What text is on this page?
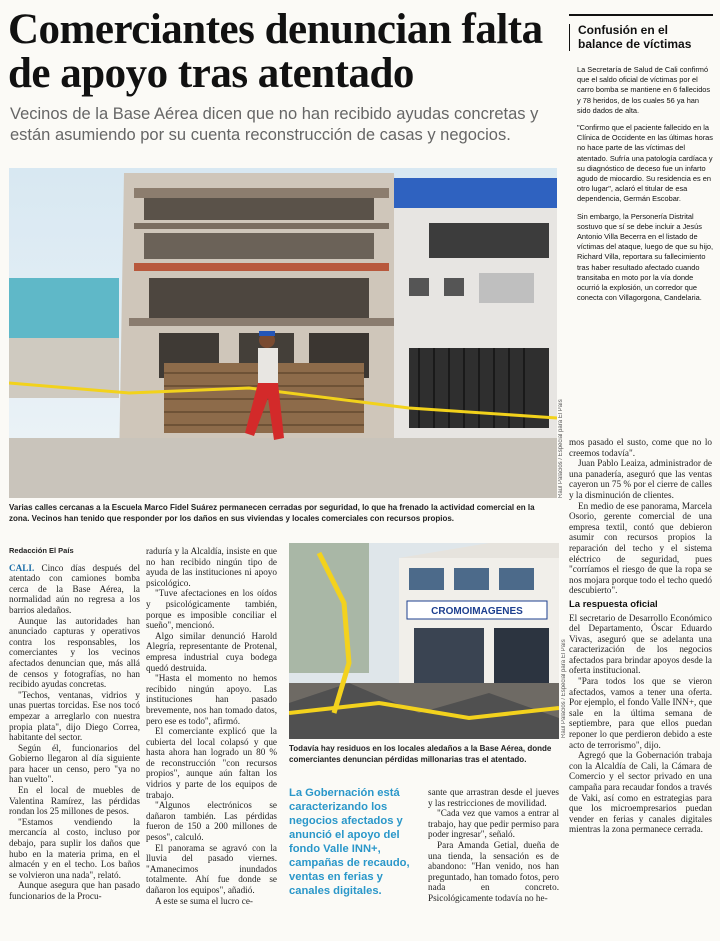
Comerciantes denuncian falta de apoyo tras atentado
Vecinos de la Base Aérea dicen que no han recibido ayudas concretas y están asumiendo por su cuenta reconstrucción de casas y negocios.
Raúl Palacios / Especial para El País
Varias calles cercanas a la Escuela Marco Fidel Suárez permanecen cerradas por seguridad, lo que ha frenado la actividad comercial en la zona. Vecinos han tenido que responder por los daños en sus viviendas y locales comerciales con recursos propios.
Confusión en el balance de víctimas

La Secretaría de Salud de Cali confirmó que el saldo oficial de víctimas por el carro bomba se mantiene en 6 fallecidos y 78 heridos, de los cuales 56 ya han sido dados de alta.

"Confirmo que el paciente fallecido en la Clínica de Occidente en las últimas horas no hace parte de las víctimas del atentado. Sufría una patología cardíaca y su diagnóstico de deceso fue un infarto agudo de miocardio. Su residencia es en otro lugar", aclaró el titular de esa dependencia, Germán Escobar.

Sin embargo, la Personería Distrital sostuvo que sí se debe incluir a Jesús Antonio Villa Becerra en el listado de víctimas del ataque, luego de que su hijo, Richard Villa, reportara su fallecimiento tras haber resultado afectado cuando transitaba en moto por la vía donde ocurrió la explosión, un corredor que conecta con Villagorgona, Candelaria.

Redacción El País

CALI. Cinco días después del atentado con camiones bomba cerca de la Base Aérea, la normalidad aún no regresa a los barrios aledaños.

Aunque las autoridades han anunciado capturas y operativos contra los responsables, los comerciantes y los vecinos afectados denuncian que, más allá de censos y fotografías, no han recibido ayudas concretas.

"Techos, ventanas, vidrios y unas puertas torcidas. Ese nos tocó empezar a arreglarlo con nuestra propia plata", dijo Diego Correa, habitante del sector.

Según él, funcionarios del Gobierno llegaron al día siguiente para hacer un censo, pero "ya no han vuelto".

En el local de muebles de Valentina Ramírez, las pérdidas rondan los 25 millones de pesos.

"Estamos vendiendo la mercancía al costo, incluso por debajo, para suplir los daños que hubo en la materia prima, en el almacén y en el techo. Los baños se volvieron una nada", relató.

Aunque asegura que han pasado funcionarios de la Procu-

raduría y la Alcaldía, insiste en que no han recibido ningún tipo de ayuda de las instituciones ni apoyo psicológico.

"Tuve afectaciones en los oídos y psicológicamente también, porque es imposible conciliar el sueño", mencionó.

Algo similar denunció Harold Alegría, representante de Protenal, empresa industrial cuya bodega quedó destruida.

"Hasta el momento no hemos recibido ningún apoyo. Las instituciones han pasado brevemente, nos han tomado datos, pero ese es todo", afirmó.

El comerciante explicó que la cubierta del local colapsó y que hasta ahora han logrado un 80 % de reconstrucción "con recursos propios", aunque aún faltan los vidrios y parte de los equipos de trabajo.

"Algunos electrónicos se dañaron también. Las pérdidas fueron de 150 a 200 millones de pesos", calculó.

El panorama se agravó con la lluvia del pasado viernes. "Amanecimos inundados totalmente. Ahí fue donde se dañaron los equipos", añadió.

A este se suma el lucro ce-

CROMOIMAGENES
Raúl Palacios / Especial para El País
Todavía hay residuos en los locales aledaños a la Base Aérea, donde comerciantes denuncian pérdidas millonarias tras el atentado.
La Gobernación está caracterizando los negocios afectados y anunció el apoyo del fondo Valle INN+, campañas de recaudo, ventas en ferias y canales digitales.

sante que arrastran desde el jueves y las restricciones de movilidad.

"Cada vez que vamos a entrar al trabajo, hay que pedir permiso para poder ingresar", señaló.

Para Amanda Getial, dueña de una tienda, la sensación es de abandono: "Han venido, nos han preguntado, han tomado fotos, pero nada en concreto. Psicológicamente todavía no he-

mos pasado el susto, come que no lo creemos todavía".

Juan Pablo Leaiza, administrador de una panadería, aseguró que las ventas cayeron un 75 % por el cierre de calles y la disminución de clientes.

En medio de ese panorama, Marcela Osorio, gerente comercial de una empresa textil, contó que debieron asumir con recursos propios la reparación del techo y el sistema eléctrico de seguridad, pues "corríamos el riesgo de que la ropa se nos mojara porque todo el techo quedó descubierto".

La respuesta oficial

El secretario de Desarrollo Económico del Departamento, Óscar Eduardo Vivas, aseguró que se adelanta una caracterización de los negocios afectados para brindar apoyos desde la oferta institucional.

"Para todos los que se vieron afectados, vamos a tener una oferta. Por ejemplo, el fondo Valle INN+, que sale en la última semana de septiembre, para que ellos puedan reponer lo que perdieron debido a este acto de terrorismo", dijo.

Agregó que la Gobernación trabaja con la Alcaldía de Cali, la Cámara de Comercio y el sector privado en una campaña para recaudar fondos a través de Vaki, así como en estrategias para que los microempresarios puedan vender en ferias y canales digitales mientras la zona permanece cerrada.
